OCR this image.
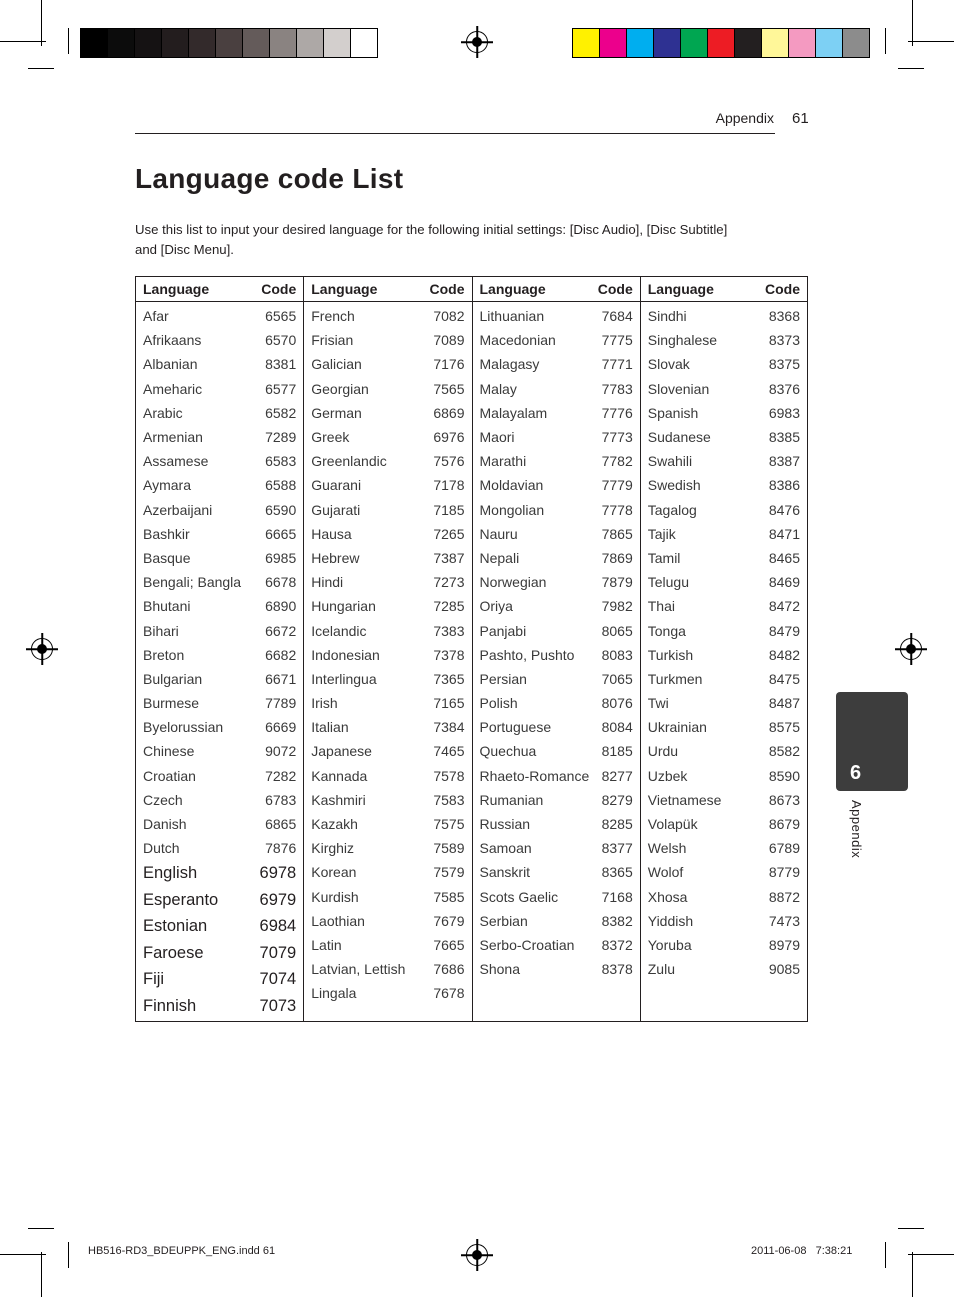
Appendix 61
Language code List
Use this list to input your desired language for the following initial settings: [Disc Audio], [Disc Subtitle] and [Disc Menu].
Language	Code
Afar	6565
Afrikaans	6570
Albanian	8381
Ameharic	6577
Arabic	6582
Armenian	7289
Assamese	6583
Aymara	6588
Azerbaijani	6590
Bashkir	6665
Basque	6985
Bengali; Bangla 6678
Bhutani	6890
Bihari	6672
Breton	6682
Bulgarian	6671
Burmese	7789
Byelorussian	6669
Chinese	9072
Croatian	7282
Czech	6783
Danish	6865
Dutch	7876
English	6978
Esperanto	6979
Estonian	6984
Faroese	7079
Fiji	7074
Finnish	7073
Language	Code
French	7082
Frisian	7089
Galician	7176
Georgian	7565
German	6869
Greek	6976
Greenlandic	7576
Guarani	7178
Gujarati	7185
Hausa	7265
Hebrew	7387
Hindi	7273
Hungarian	7285
Icelandic	7383
Indonesian	7378
Interlingua	7365
Irish	7165
Italian	7384
Japanese	7465
Kannada	7578
Kashmiri	7583
Kazakh	7575
Kirghiz	7589
Korean	7579
Kurdish	7585
Laothian	7679
Latin	7665
Latvian, Lettish 7686
Lingala	7678
Language	Code
Lithuanian	7684
Macedonian	7775
Malagasy	7771
Malay	7783
Malayalam	7776
Maori	7773
Marathi	7782
Moldavian	7779
Mongolian	7778
Nauru	7865
Nepali	7869
Norwegian	7879
Oriya	7982
Panjabi	8065
Pashto, Pushto 8083
Persian	7065
Polish	8076
Portuguese	8084
Quechua	8185
Rhaeto-Romance 8277
Rumanian	8279
Russian	8285
Samoan	8377
Sanskrit	8365
Scots Gaelic	7168
Serbian	8382
Serbo-Croatian 8372
Shona	8378
Language	Code
Sindhi	8368
Singhalese	8373
Slovak	8375
Slovenian	8376
Spanish	6983
Sudanese	8385
Swahili	8387
Swedish	8386
Tagalog	8476
Tajik	8471
Tamil	8465
Telugu	8469
Thai	8472
Tonga	8479
Turkish	8482
Turkmen	8475
Twi	8487
Ukrainian	8575
Urdu	8582
Uzbek	8590
Vietnamese	8673
Volapük	8679
Welsh	6789
Wolof	8779
Xhosa	8872
Yiddish	7473
Yoruba	8979
Zulu	9085
6
Appendix
HB516-RD3_BDEUPPK_ENG.indd 61	2011-06-08   7:38:21
